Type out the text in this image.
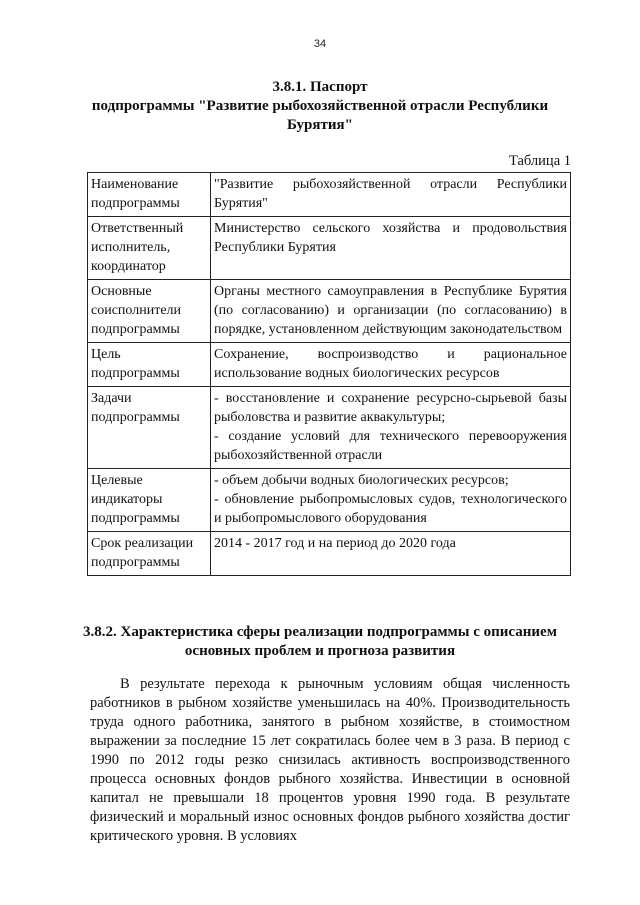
34
3.8.1. Паспорт
подпрограммы "Развитие рыбохозяйственной отрасли Республики Бурятия"
Таблица 1
Наименование подпрограммы	"Развитие рыбохозяйственной отрасли Республики Бурятия"

Ответственный исполнитель, координатор	Министерство сельского хозяйства и продовольствия Республики Бурятия

Основные соисполнители подпрограммы	Органы местного самоуправления в Республике Бурятия (по согласованию) и организации (по согласованию) в порядке, установленном действующим законодательством

Цель подпрограммы	Сохранение, воспроизводство и рациональное использование водных биологических ресурсов

Задачи подпрограммы	- восстановление и сохранение ресурсно-сырьевой базы рыболовства и развитие аквакультуры;
- создание условий для технического перевооружения рыбохозяйственной отрасли

Целевые индикаторы подпрограммы	- объем добычи водных биологических ресурсов;
- обновление рыбопромысловых судов, технологического и рыбопромыслового оборудования

Срок реализации подпрограммы	2014 - 2017 год и на период до 2020 года
3.8.2. Характеристика сферы реализации подпрограммы с описанием основных проблем и прогноза развития

В результате перехода к рыночным условиям общая численность работников в рыбном хозяйстве уменьшилась на 40%. Производительность труда одного работника, занятого в рыбном хозяйстве, в стоимостном выражении за последние 15 лет сократилась более чем в 3 раза. В период с 1990 по 2012 годы резко снизилась активность воспроизводственного процесса основных фондов рыбного хозяйства. Инвестиции в основной капитал не превышали 18 процентов уровня 1990 года. В результате физический и моральный износ основных фондов рыбного хозяйства достиг критического уровня. В условиях
